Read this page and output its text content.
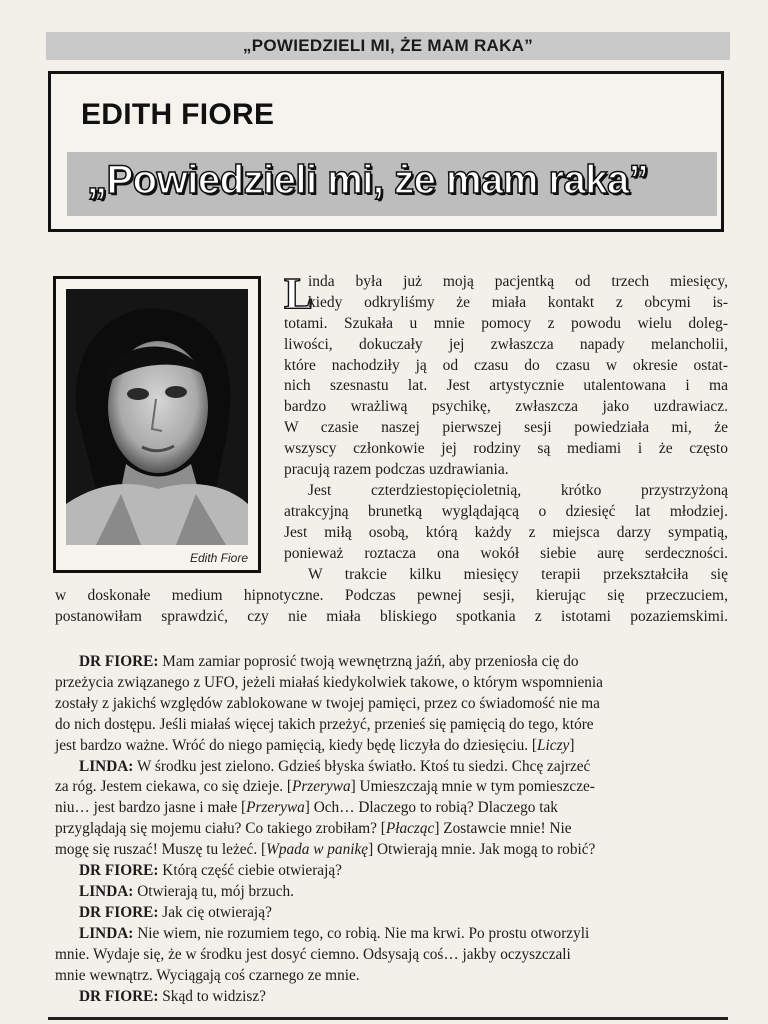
„POWIEDZIELI MI, ŻE MAM RAKA”
EDITH FIORE
„Powiedzieli mi, że mam raka”
Edith Fiore
L
inda była już moją pacjentką od trzech miesięcy,
kiedy odkryliśmy że miała kontakt z obcymi is-
totami. Szukała u mnie pomocy z powodu wielu doleg-
liwości, dokuczały jej zwłaszcza napady melancholii,
które nachodziły ją od czasu do czasu w okresie ostat-
nich szesnastu lat. Jest artystycznie utalentowana i ma
bardzo wrażliwą psychikę, zwłaszcza jako uzdrawiacz.
W czasie naszej pierwszej sesji powiedziała mi, że
wszyscy członkowie jej rodziny są mediami i że często
pracują razem podczas uzdrawiania.
Jest czterdziestopięcioletnią, krótko przystrzyżoną
atrakcyjną brunetką wyglądającą o dziesięć lat młodziej.
Jest miłą osobą, którą każdy z miejsca darzy sympatią,
ponieważ roztacza ona wokół siebie aurę serdeczności.
W trakcie kilku miesięcy terapii przekształciła się
w doskonałe medium hipnotyczne. Podczas pewnej sesji, kierując się przeczuciem,
postanowiłam sprawdzić, czy nie miała bliskiego spotkania z istotami pozaziemskimi.
DR FIORE: Mam zamiar poprosić twoją wewnętrzną jaźń, aby przeniosła cię do
przeżycia związanego z UFO, jeżeli miałaś kiedykolwiek takowe, o którym wspomnienia
zostały z jakichś względów zablokowane w twojej pamięci, przez co świadomość nie ma
do nich dostępu. Jeśli miałaś więcej takich przeżyć, przenieś się pamięcią do tego, które
jest bardzo ważne. Wróć do niego pamięcią, kiedy będę liczyła do dziesięciu. [Liczy]
LINDA: W środku jest zielono. Gdzieś błyska światło. Ktoś tu siedzi. Chcę zajrzeć
za róg. Jestem ciekawa, co się dzieje. [Przerywa] Umieszczają mnie w tym pomieszcze-
niu… jest bardzo jasne i małe [Przerywa] Och… Dlaczego to robią? Dlaczego tak
przyglądają się mojemu ciału? Co takiego zrobiłam? [Płacząc] Zostawcie mnie! Nie
mogę się ruszać! Muszę tu leżeć. [Wpada w panikę] Otwierają mnie. Jak mogą to robić?
DR FIORE: Którą część ciebie otwierają?
LINDA: Otwierają tu, mój brzuch.
DR FIORE: Jak cię otwierają?
LINDA: Nie wiem, nie rozumiem tego, co robią. Nie ma krwi. Po prostu otworzyli
mnie. Wydaje się, że w środku jest dosyć ciemno. Odsysają coś… jakby oczyszczali
mnie wewnątrz. Wyciągają coś czarnego ze mnie.
DR FIORE: Skąd to widzisz?
